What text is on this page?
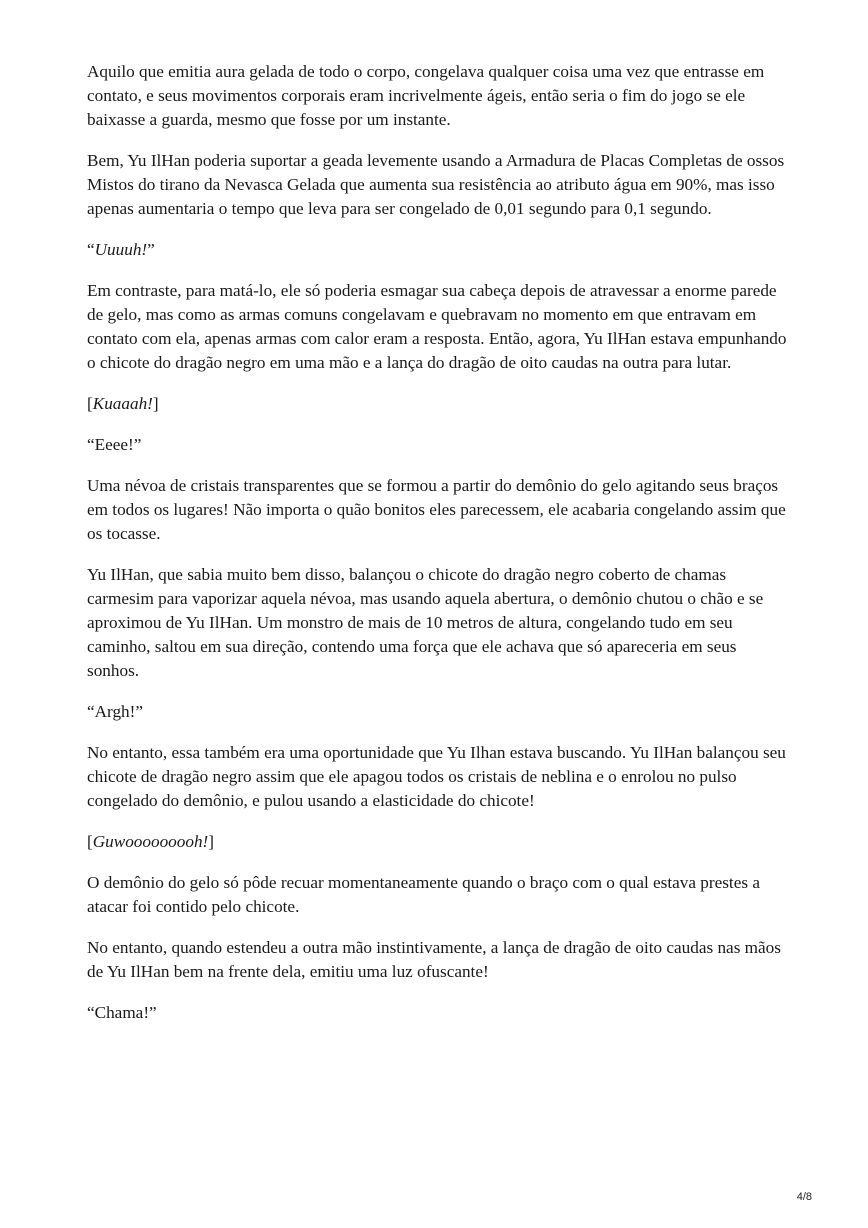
Aquilo que emitia aura gelada de todo o corpo, congelava qualquer coisa uma vez que entrasse em contato, e seus movimentos corporais eram incrivelmente ágeis, então seria o fim do jogo se ele baixasse a guarda, mesmo que fosse por um instante.

Bem, Yu IlHan poderia suportar a geada levemente usando a Armadura de Placas Completas de ossos Mistos do tirano da Nevasca Gelada que aumenta sua resistência ao atributo água em 90%, mas isso apenas aumentaria o tempo que leva para ser congelado de 0,01 segundo para 0,1 segundo.

“Uuuuh!”

Em contraste, para matá-lo, ele só poderia esmagar sua cabeça depois de atravessar a enorme parede de gelo, mas como as armas comuns congelavam e quebravam no momento em que entravam em contato com ela, apenas armas com calor eram a resposta. Então, agora, Yu IlHan estava empunhando o chicote do dragão negro em uma mão e a lança do dragão de oito caudas na outra para lutar.

[Kuaaah!]

“Eeee!”

Uma névoa de cristais transparentes que se formou a partir do demônio do gelo agitando seus braços em todos os lugares! Não importa o quão bonitos eles parecessem, ele acabaria congelando assim que os tocasse.

Yu IlHan, que sabia muito bem disso, balançou o chicote do dragão negro coberto de chamas carmesim para vaporizar aquela névoa, mas usando aquela abertura, o demônio chutou o chão e se aproximou de Yu IlHan. Um monstro de mais de 10 metros de altura, congelando tudo em seu caminho, saltou em sua direção, contendo uma força que ele achava que só apareceria em seus sonhos.

“Argh!”

No entanto, essa também era uma oportunidade que Yu Ilhan estava buscando. Yu IlHan balançou seu chicote de dragão negro assim que ele apagou todos os cristais de neblina e o enrolou no pulso congelado do demônio, e pulou usando a elasticidade do chicote!

[Guwooooooooh!]

O demônio do gelo só pôde recuar momentaneamente quando o braço com o qual estava prestes a atacar foi contido pelo chicote.

No entanto, quando estendeu a outra mão instintivamente, a lança de dragão de oito caudas nas mãos de Yu IlHan bem na frente dela, emitiu uma luz ofuscante!

“Chama!”

4/8
